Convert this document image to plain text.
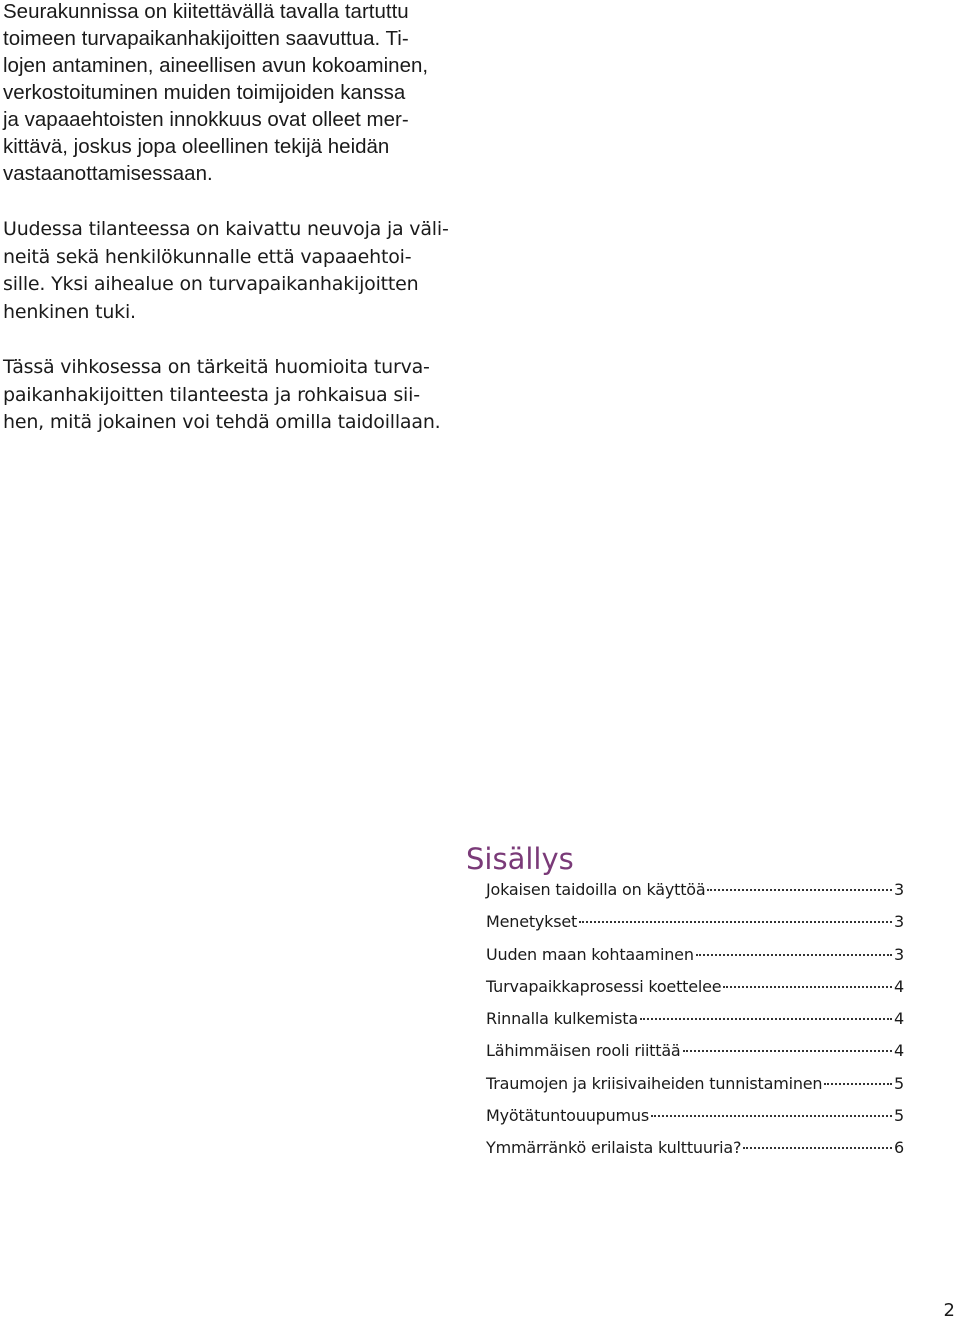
Seurakunnissa on kiitettävällä tavalla tartuttu
toimeen turvapaikanhakijoitten saavuttua. Ti-
lojen antaminen, aineellisen avun kokoaminen,
verkostoituminen muiden toimijoiden kanssa
ja vapaaehtoisten innokkuus ovat olleet mer-
kittävä, joskus jopa oleellinen tekijä heidän
vastaanottamisessaan.
Uudessa tilanteessa on kaivattu neuvoja ja väli-
neitä sekä henkilökunnalle että vapaaehtoi-
sille. Yksi aihealue on turvapaikanhakijoitten
henkinen tuki.
Tässä vihkosessa on tärkeitä huomioita turva-
paikanhakijoitten tilanteesta ja rohkaisua sii-
hen, mitä jokainen voi tehdä omilla taidoillaan.
Sisällys
Jokaisen taidoilla on käyttöä	3
Menetykset	3
Uuden maan kohtaaminen	3
Turvapaikkaprosessi koettelee	4
Rinnalla kulkemista	4
Lähimmäisen rooli riittää	4
Traumojen ja kriisivaiheiden tunnistaminen	5
Myötätuntouupumus	5
Ymmärränkö erilaista kulttuuria?	6
2
